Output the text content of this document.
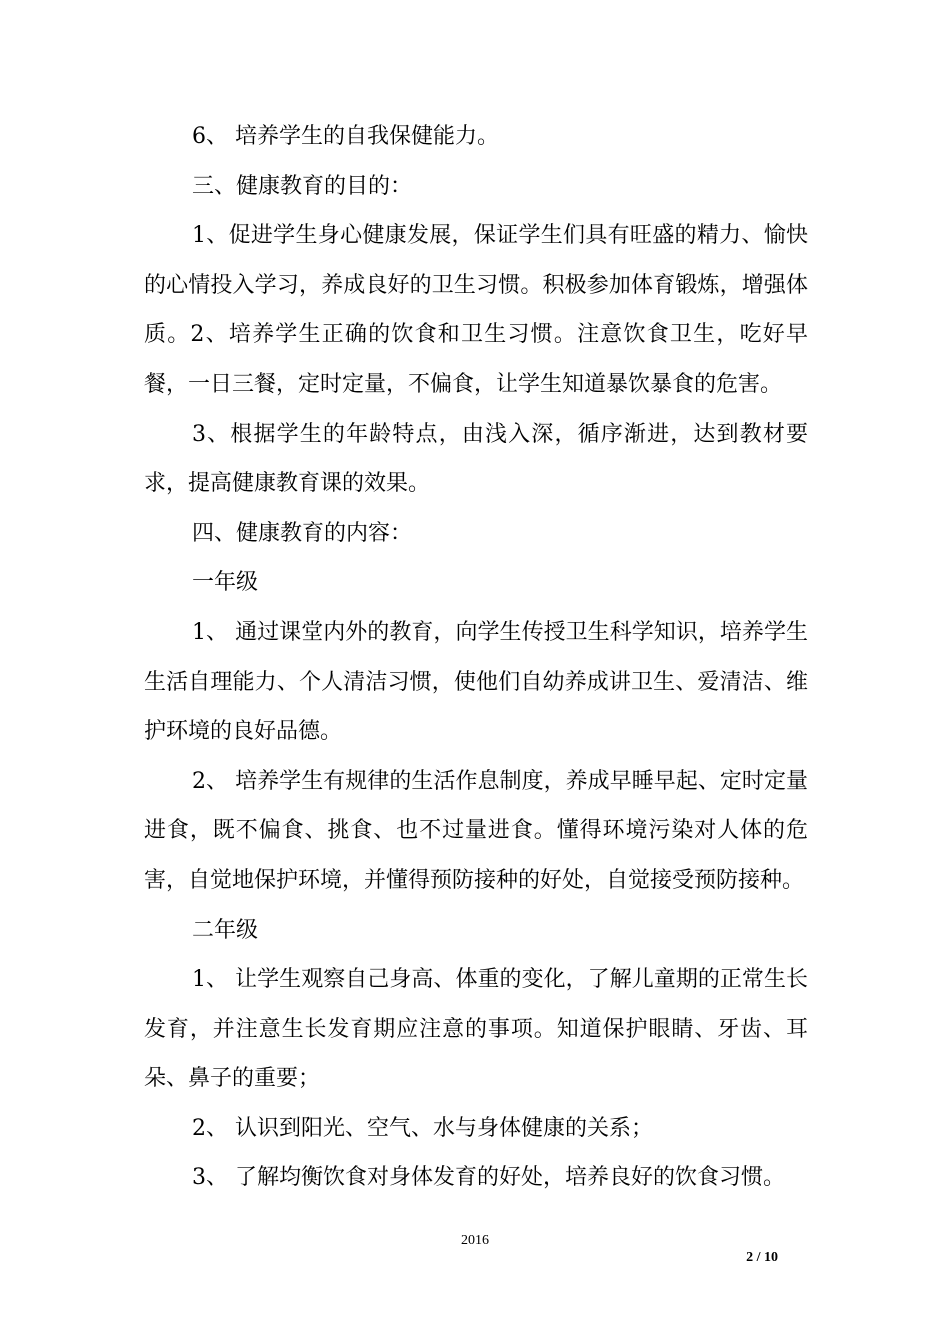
6、 培养学生的自我保健能力。

三、健康教育的目的：

1、促进学生身心健康发展，保证学生们具有旺盛的精力、愉快的心情投入学习，养成良好的卫生习惯。积极参加体育锻炼，增强体质。2、培养学生正确的饮食和卫生习惯。注意饮食卫生，吃好早餐，一日三餐，定时定量，不偏食，让学生知道暴饮暴食的危害。

3、根据学生的年龄特点，由浅入深，循序渐进，达到教材要求，提高健康教育课的效果。

四、健康教育的内容：

一年级

1、 通过课堂内外的教育，向学生传授卫生科学知识，培养学生生活自理能力、个人清洁习惯，使他们自幼养成讲卫生、爱清洁、维护环境的良好品德。

2、 培养学生有规律的生活作息制度，养成早睡早起、定时定量进食，既不偏食、挑食、也不过量进食。懂得环境污染对人体的危害，自觉地保护环境，并懂得预防接种的好处，自觉接受预防接种。

二年级

1、 让学生观察自己身高、体重的变化，了解儿童期的正常生长发育，并注意生长发育期应注意的事项。知道保护眼睛、牙齿、耳朵、鼻子的重要；

2、 认识到阳光、空气、水与身体健康的关系；

3、 了解均衡饮食对身体发育的好处，培养良好的饮食习惯。

2016
2 / 10
